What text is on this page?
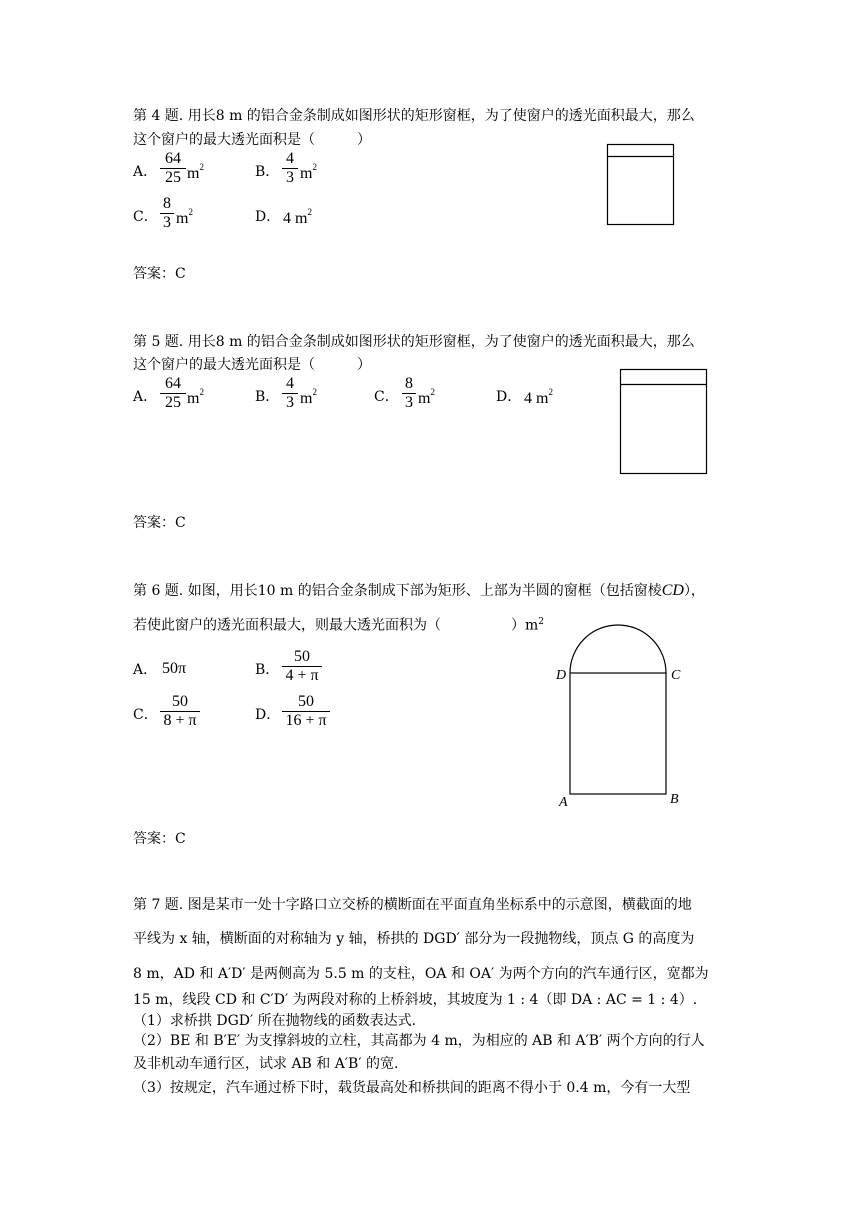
第 4 题. 用长8 m 的铝合金条制成如图形状的矩形窗框，为了使窗户的透光面积最大，那么
这个窗户的最大透光面积是（　　　）
A．
64
25 $m^2$	B．
4
3 $m^2$
C．
8
3 $m^2$	D． 4 $m^2$
答案：C
第 5 题. 用长8 m 的铝合金条制成如图形状的矩形窗框，为了使窗户的透光面积最大，那么
这个窗户的最大透光面积是（　　　）
A．
64
25 $m^2$	B．
4
3 $m^2$	C．
8
3 $m^2$	D． 4 $m^2$
答案：C
第 6 题. 如图，用长10 m 的铝合金条制成下部为矩形、上部为半圆的窗框（包括窗棱CD），
若使此窗户的透光面积最大，则最大透光面积为（　　　　　）$m^2$
A． 50π	B．
50
4 + π
C．
50
8 + π	D．
50
16 + π
D	C
A	B
答案：C
第 7 题. 图是某市一处十字路口立交桥的横断面在平面直角坐标系中的示意图，横截面的地
平线为 x 轴，横断面的对称轴为 y 轴，桥拱的 DGD′ 部分为一段抛物线，顶点 G 的高度为
8 m，AD 和 A′D′ 是两侧高为 5.5 m 的支柱，OA 和 OA′ 为两个方向的汽车通行区，宽都为
15 m，线段 CD 和 C′D′ 为两段对称的上桥斜坡，其坡度为 1 : 4（即 DA : AC = 1 : 4）.
（1）求桥拱 DGD′ 所在抛物线的函数表达式.
（2）BE 和 B′E′ 为支撑斜坡的立柱，其高都为 4 m，为相应的 AB 和 A′B′ 两个方向的行人
及非机动车通行区，试求 AB 和 A′B′ 的宽.
（3）按规定，汽车通过桥下时，载货最高处和桥拱间的距离不得小于 0.4 m，今有一大型
